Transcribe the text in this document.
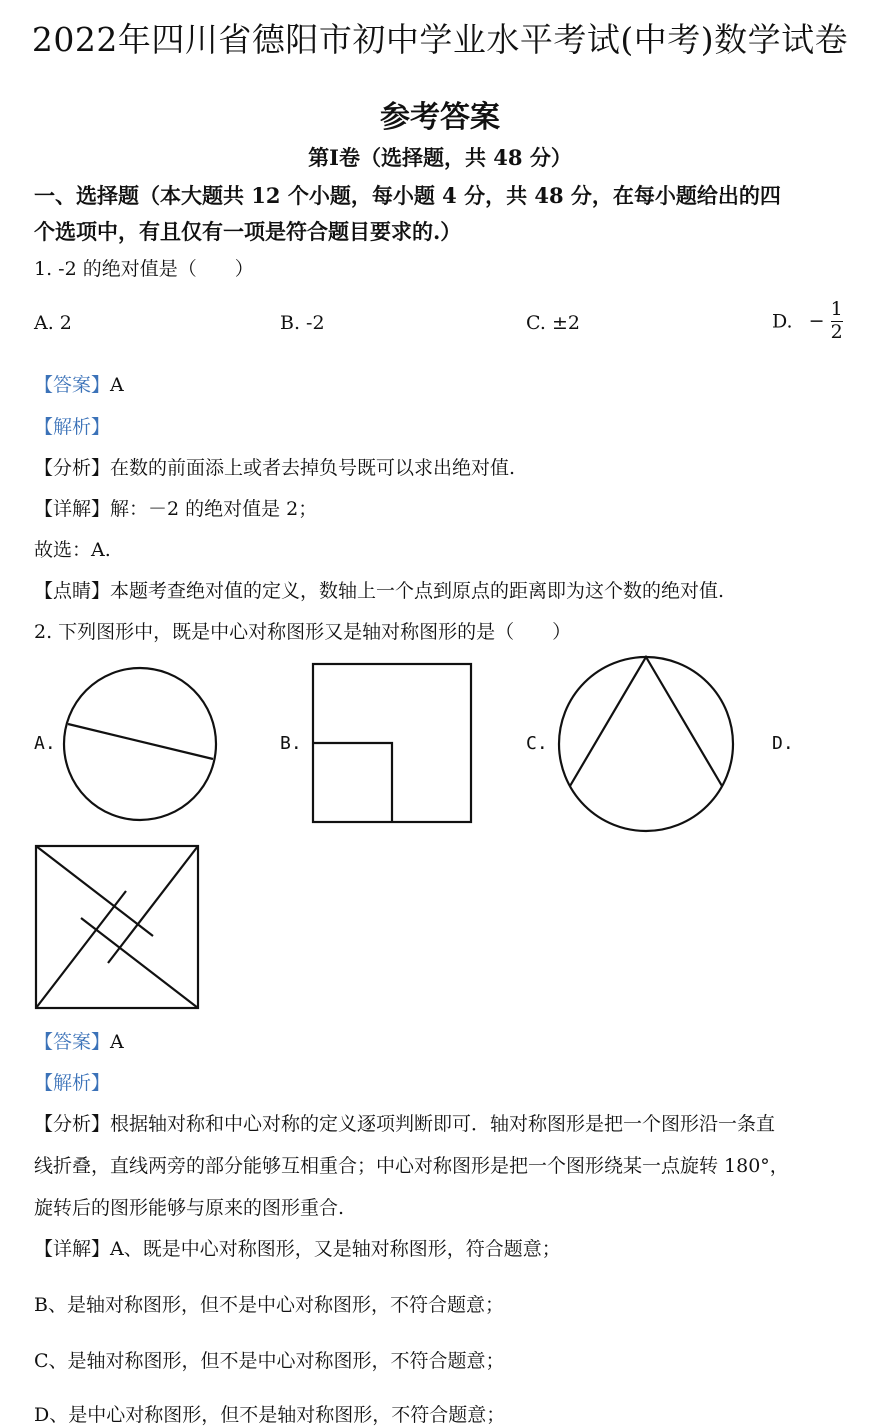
2022年四川省德阳市初中学业水平考试(中考)数学试卷
参考答案
第Ⅰ卷（选择题，共 48 分）
一、选择题（本大题共 12 个小题，每小题 4 分，共 48 分，在每小题给出的四
个选项中，有且仅有一项是符合题目要求的.）
1. -2 的绝对值是（　　）
A. 2	B. -2	C. ±2	D. − $\frac{1}{2}$
【答案】A
【解析】
【分析】在数的前面添上或者去掉负号既可以求出绝对值.
【详解】解：－2 的绝对值是 2；
故选：A.
【点睛】本题考查绝对值的定义，数轴上一个点到原点的距离即为这个数的绝对值.
2. 下列图形中，既是中心对称图形又是轴对称图形的是（　　）
A.	B.	C.	D.
【答案】A
【解析】
【分析】根据轴对称和中心对称的定义逐项判断即可．轴对称图形是把一个图形沿一条直
线折叠，直线两旁的部分能够互相重合；中心对称图形是把一个图形绕某一点旋转 180°，
旋转后的图形能够与原来的图形重合.
【详解】A、既是中心对称图形，又是轴对称图形，符合题意；
B、是轴对称图形，但不是中心对称图形，不符合题意；
C、是轴对称图形，但不是中心对称图形，不符合题意；
D、是中心对称图形，但不是轴对称图形，不符合题意；
